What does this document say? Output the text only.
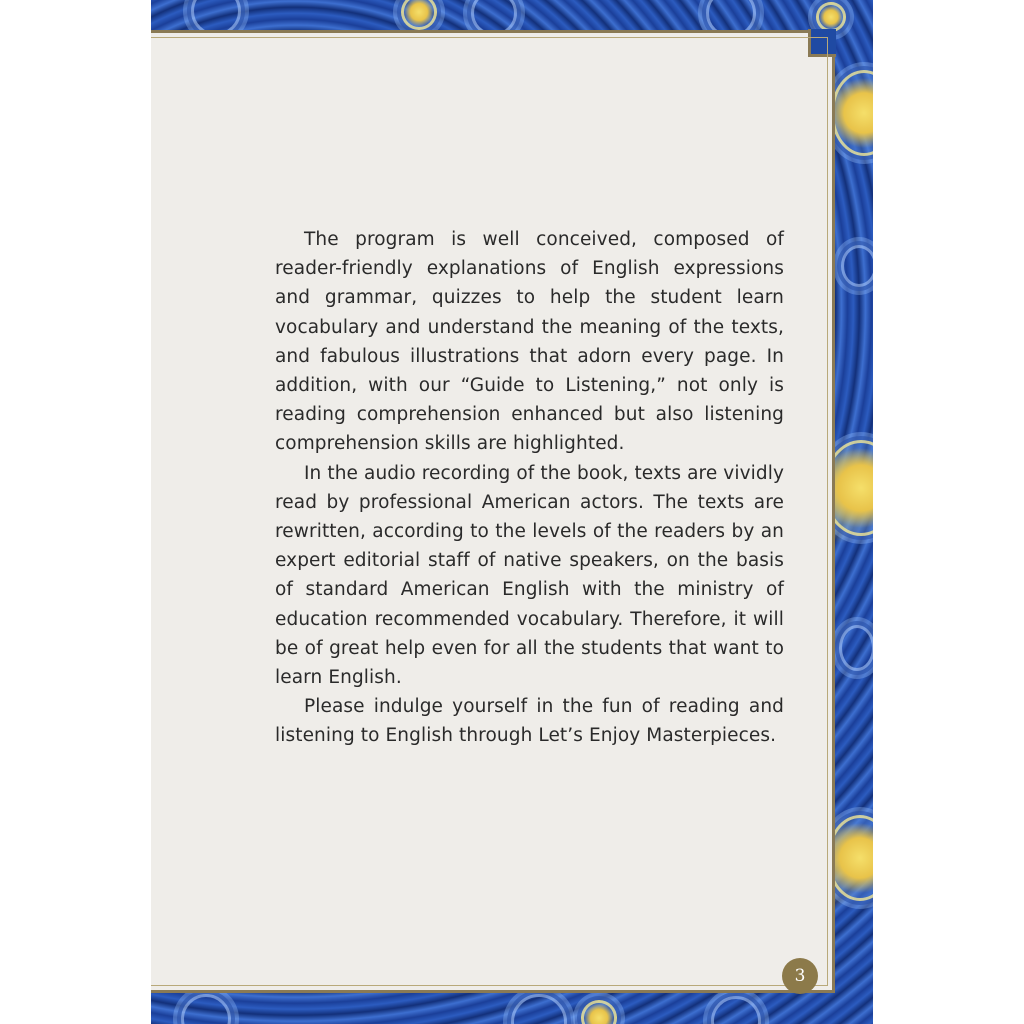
The program is well conceived, composed of reader-friendly explanations of English expressions and grammar, quizzes to help the student learn vocabulary and understand the meaning of the texts, and fabulous illustrations that adorn every page. In addition, with our “Guide to Listening,” not only is reading comprehension enhanced but also listening comprehension skills are highlighted.

In the audio recording of the book, texts are vividly read by professional American actors. The texts are rewritten, according to the levels of the readers by an expert editorial staff of native speakers, on the basis of standard American English with the ministry of education recommended vocabulary. Therefore, it will be of great help even for all the students that want to learn English.

Please indulge yourself in the fun of reading and listening to English through Let’s Enjoy Masterpieces.

3
